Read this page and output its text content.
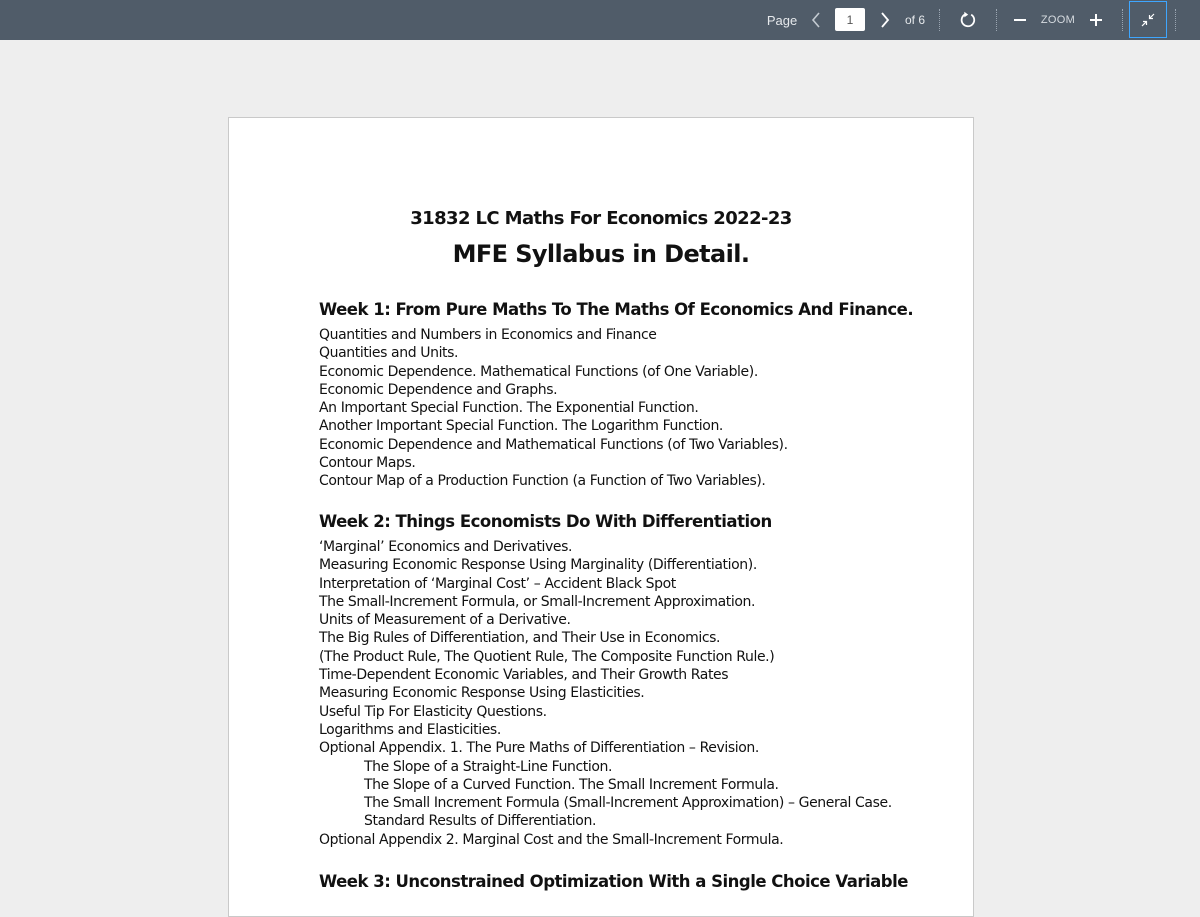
Page
1	of 6	ZOOM
31832 LC Maths For Economics 2022-23
MFE Syllabus in Detail.
Week 1: From Pure Maths To The Maths Of Economics And Finance.
Quantities and Numbers in Economics and Finance
Quantities and Units.
Economic Dependence. Mathematical Functions (of One Variable).
Economic Dependence and Graphs.
An Important Special Function. The Exponential Function.
Another Important Special Function. The Logarithm Function.
Economic Dependence and Mathematical Functions (of Two Variables).
Contour Maps.
Contour Map of a Production Function (a Function of Two Variables).
Week 2: Things Economists Do With Differentiation
‘Marginal’ Economics and Derivatives.
Measuring Economic Response Using Marginality (Differentiation).
Interpretation of ‘Marginal Cost’ – Accident Black Spot
The Small-Increment Formula, or Small-Increment Approximation.
Units of Measurement of a Derivative.
The Big Rules of Differentiation, and Their Use in Economics.
(The Product Rule, The Quotient Rule, The Composite Function Rule.)
Time-Dependent Economic Variables, and Their Growth Rates
Measuring Economic Response Using Elasticities.
Useful Tip For Elasticity Questions.
Logarithms and Elasticities.
Optional Appendix. 1. The Pure Maths of Differentiation – Revision.
The Slope of a Straight-Line Function.
The Slope of a Curved Function. The Small Increment Formula.
The Small Increment Formula (Small-Increment Approximation) – General Case.
Standard Results of Differentiation.
Optional Appendix 2. Marginal Cost and the Small-Increment Formula.
Week 3: Unconstrained Optimization With a Single Choice Variable
